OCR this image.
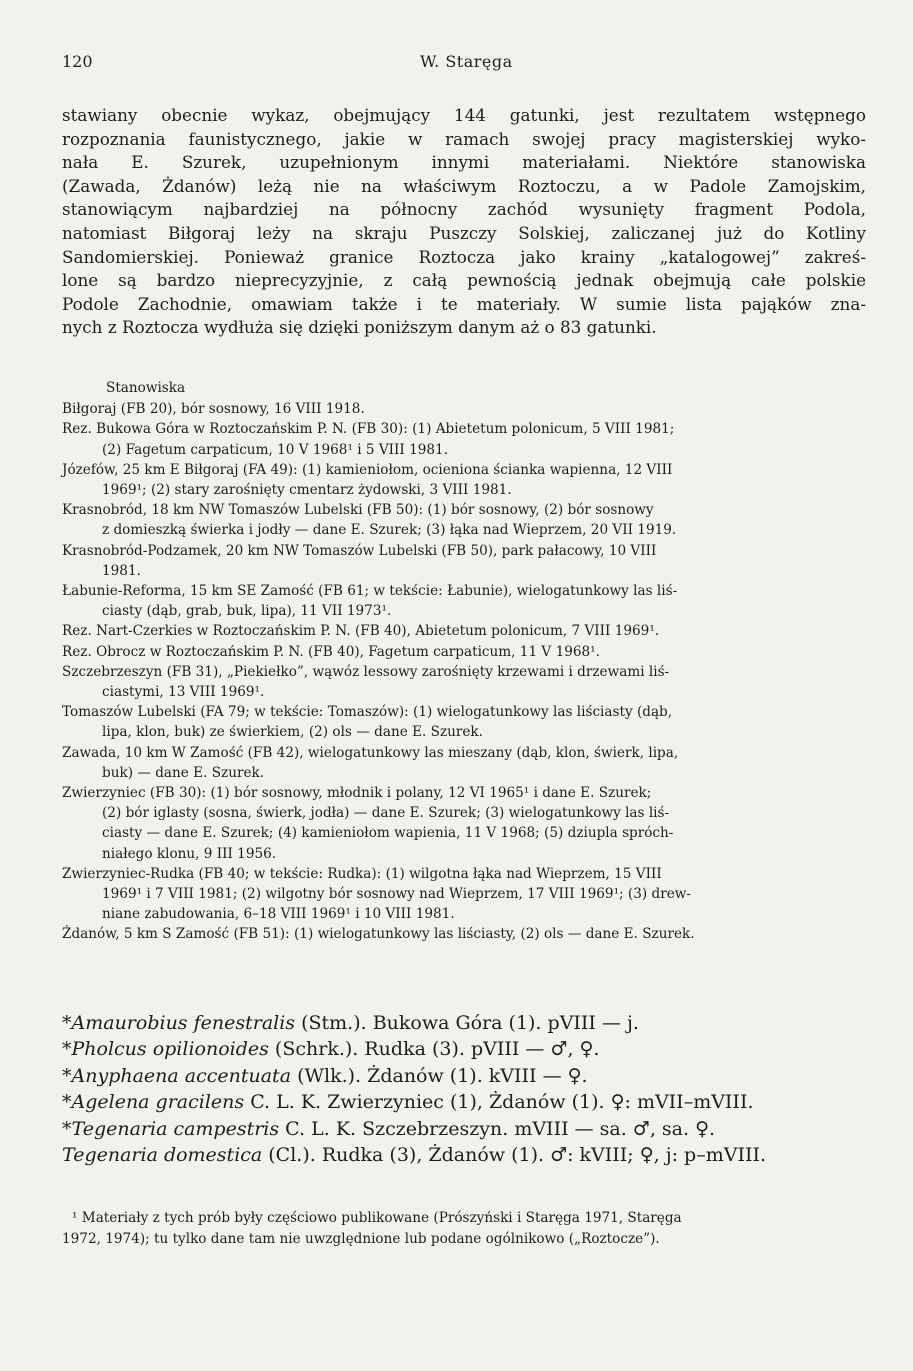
120	W. Staręga
stawiany obecnie wykaz, obejmujący 144 gatunki, jest rezultatem wstępnego
rozpoznania faunistycznego, jakie w ramach swojej pracy magisterskiej wyko-
nała E. Szurek, uzupełnionym innymi materiałami. Niektóre stanowiska
(Zawada, Żdanów) leżą nie na właściwym Roztoczu, a w Padole Zamojskim,
stanowiącym najbardziej na północny zachód wysunięty fragment Podola,
natomiast Biłgoraj leży na skraju Puszczy Solskiej, zaliczanej już do Kotliny
Sandomierskiej. Ponieważ granice Roztocza jako krainy „katalogowej” zakreś-
lone są bardzo nieprecyzyjnie, z całą pewnością jednak obejmują całe polskie
Podole Zachodnie, omawiam także i te materiały. W sumie lista pająków zna-
nych z Roztocza wydłuża się dzięki poniższym danym aż o 83 gatunki.
Stanowiska
Biłgoraj (FB 20), bór sosnowy, 16 VIII 1918.
Rez. Bukowa Góra w Roztoczańskim P. N. (FB 30): (1) Abietetum polonicum, 5 VIII 1981;
(2) Fagetum carpaticum, 10 V 1968¹ i 5 VIII 1981.
Józefów, 25 km E Biłgoraj (FA 49): (1) kamieniołom, ocieniona ścianka wapienna, 12 VIII
1969¹; (2) stary zarośnięty cmentarz żydowski, 3 VIII 1981.
Krasnobród, 18 km NW Tomaszów Lubelski (FB 50): (1) bór sosnowy, (2) bór sosnowy
z domieszką świerka i jodły — dane E. Szurek; (3) łąka nad Wieprzem, 20 VII 1919.
Krasnobród-Podzamek, 20 km NW Tomaszów Lubelski (FB 50), park pałacowy, 10 VIII
1981.
Łabunie-Reforma, 15 km SE Zamość (FB 61; w tekście: Łabunie), wielogatunkowy las liś-
ciasty (dąb, grab, buk, lipa), 11 VII 1973¹.
Rez. Nart-Czerkies w Roztoczańskim P. N. (FB 40), Abietetum polonicum, 7 VIII 1969¹.
Rez. Obrocz w Roztoczańskim P. N. (FB 40), Fagetum carpaticum, 11 V 1968¹.
Szczebrzeszyn (FB 31), „Piekiełko”, wąwóz lessowy zarośnięty krzewami i drzewami liś-
ciastymi, 13 VIII 1969¹.
Tomaszów Lubelski (FA 79; w tekście: Tomaszów): (1) wielogatunkowy las liściasty (dąb,
lipa, klon, buk) ze świerkiem, (2) ols — dane E. Szurek.
Zawada, 10 km W Zamość (FB 42), wielogatunkowy las mieszany (dąb, klon, świerk, lipa,
buk) — dane E. Szurek.
Zwierzyniec (FB 30): (1) bór sosnowy, młodnik i polany, 12 VI 1965¹ i dane E. Szurek;
(2) bór iglasty (sosna, świerk, jodła) — dane E. Szurek; (3) wielogatunkowy las liś-
ciasty — dane E. Szurek; (4) kamieniołom wapienia, 11 V 1968; (5) dziupla spróch-
niałego klonu, 9 III 1956.
Zwierzyniec-Rudka (FB 40; w tekście: Rudka): (1) wilgotna łąka nad Wieprzem, 15 VIII
1969¹ i 7 VIII 1981; (2) wilgotny bór sosnowy nad Wieprzem, 17 VIII 1969¹; (3) drew-
niane zabudowania, 6–18 VIII 1969¹ i 10 VIII 1981.
Żdanów, 5 km S Zamość (FB 51): (1) wielogatunkowy las liściasty, (2) ols — dane E. Szurek.
*Amaurobius fenestralis (Stm.). Bukowa Góra (1). pVIII — j.
*Pholcus opilionoides (Schrk.). Rudka (3). pVIII — ♂, ♀.
*Anyphaena accentuata (Wlk.). Żdanów (1). kVIII — ♀.
*Agelena gracilens C. L. K. Zwierzyniec (1), Żdanów (1). ♀: mVII–mVIII.
*Tegenaria campestris C. L. K. Szczebrzeszyn. mVIII — sa. ♂, sa. ♀.
Tegenaria domestica (Cl.). Rudka (3), Żdanów (1). ♂: kVIII; ♀, j: p–mVIII.
¹ Materiały z tych prób były częściowo publikowane (Prószyński i Staręga 1971, Staręga
1972, 1974); tu tylko dane tam nie uwzględnione lub podane ogólnikowo („Roztocze”).
